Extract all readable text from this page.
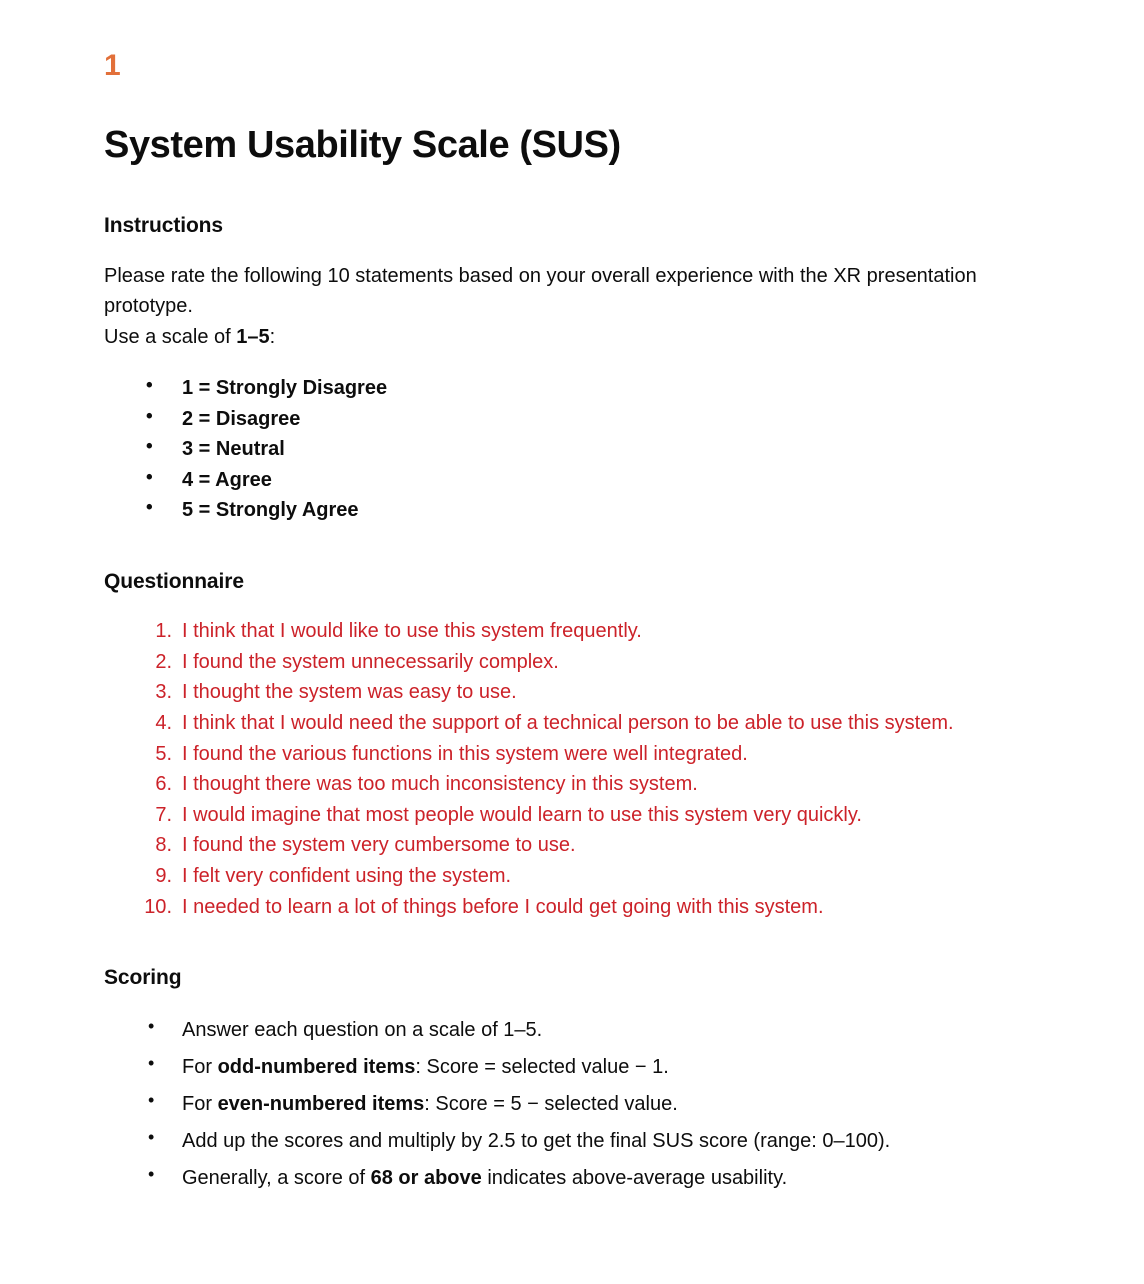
1
System Usability Scale (SUS)
Instructions

Please rate the following 10 statements based on your overall experience with the XR presentation prototype.
Use a scale of 1–5:

• 1 = Strongly Disagree
• 2 = Disagree
• 3 = Neutral
• 4 = Agree
• 5 = Strongly Agree
Questionnaire
I think that I would like to use this system frequently.
I found the system unnecessarily complex.
I thought the system was easy to use.
I think that I would need the support of a technical person to be able to use this system.
I found the various functions in this system were well integrated.
I thought there was too much inconsistency in this system.
I would imagine that most people would learn to use this system very quickly.
I found the system very cumbersome to use.
I felt very confident using the system.
I needed to learn a lot of things before I could get going with this system.
Scoring
• Answer each question on a scale of 1–5.
• For odd-numbered items: Score = selected value − 1.
• For even-numbered items: Score = 5 − selected value.
• Add up the scores and multiply by 2.5 to get the final SUS score (range: 0–100).
• Generally, a score of 68 or above indicates above-average usability.
